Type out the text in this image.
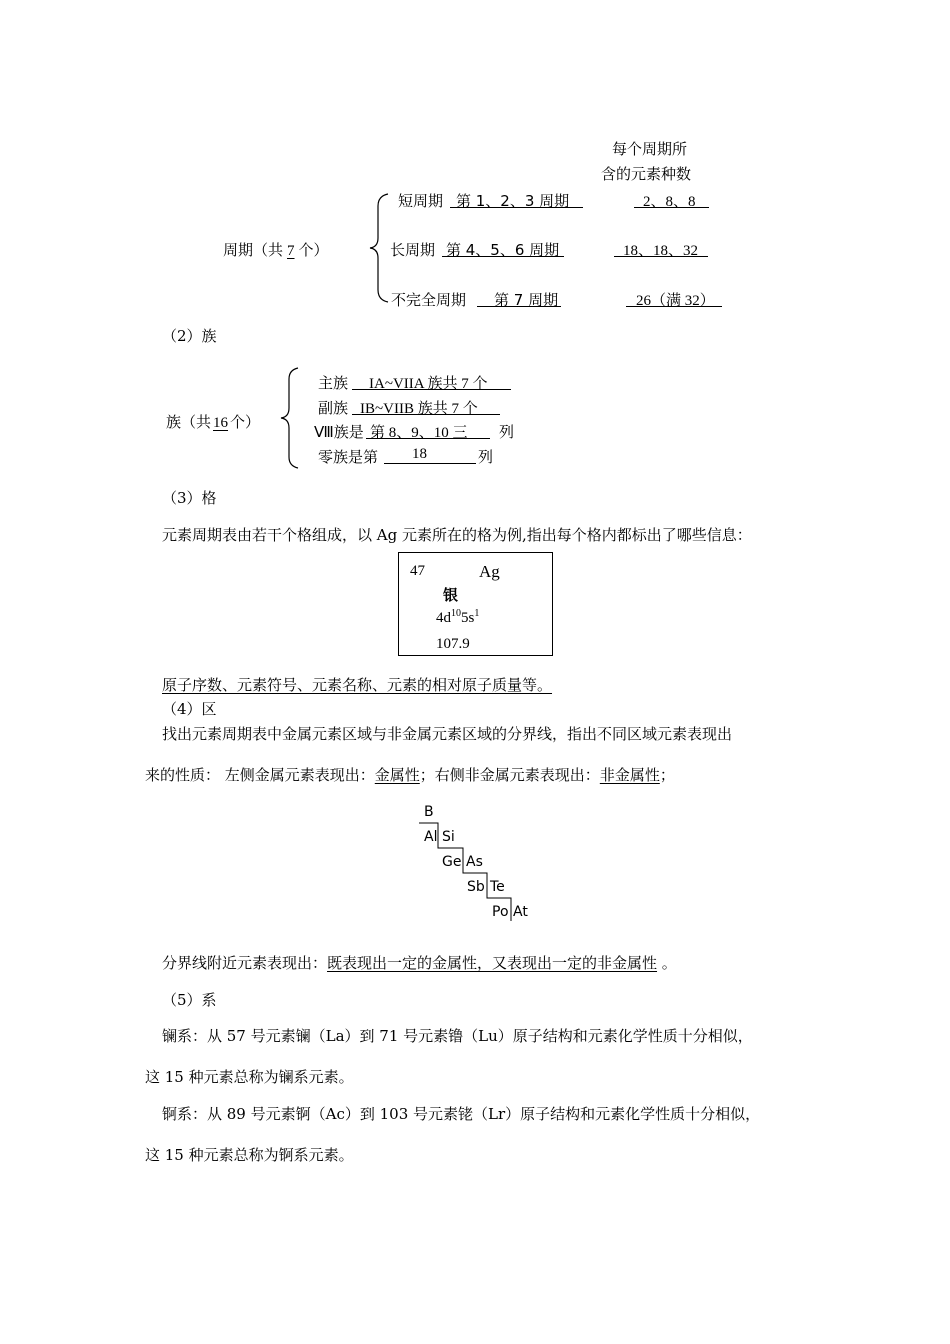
每个周期所
含的元素种数
周期（共 7 个）
短周期 第 1、2、3 周期	2、8、8
长周期 第 4、5、6 周期	18、18、32
不完全周期 第 7 周期	26（满 32）
（2）族
族（共 16 个）
主族 IA~VIIA 族共 7 个
副族 IB~VIIB 族共 7 个
Ⅷ族是 第 8、9、10 三 列
零族是第 18	列
（3）格
元素周期表由若干个格组成，以 Ag 元素所在的格为例,指出每个格内都标出了哪些信息：
47	Ag
银
$4d^{10}5s^1$
107.9
原子序数、元素符号、元素名称、元素的相对原子质量等。
（4）区
找出元素周期表中金属元素区域与非金属元素区域的分界线，指出不同区域元素表现出
来的性质： 左侧金属元素表现出：金属性；右侧非金属元素表现出：非金属性；
B
Al Si
Ge As
Sb Te
Po At
分界线附近元素表现出：既表现出一定的金属性，又表现出一定的非金属性 。
（5）系
镧系：从 57 号元素镧（La）到 71 号元素镥（Lu）原子结构和元素化学性质十分相似，
这 15 种元素总称为镧系元素。
锕系：从 89 号元素锕（Ac）到 103 号元素铑（Lr）原子结构和元素化学性质十分相似，
这 15 种元素总称为锕系元素。
